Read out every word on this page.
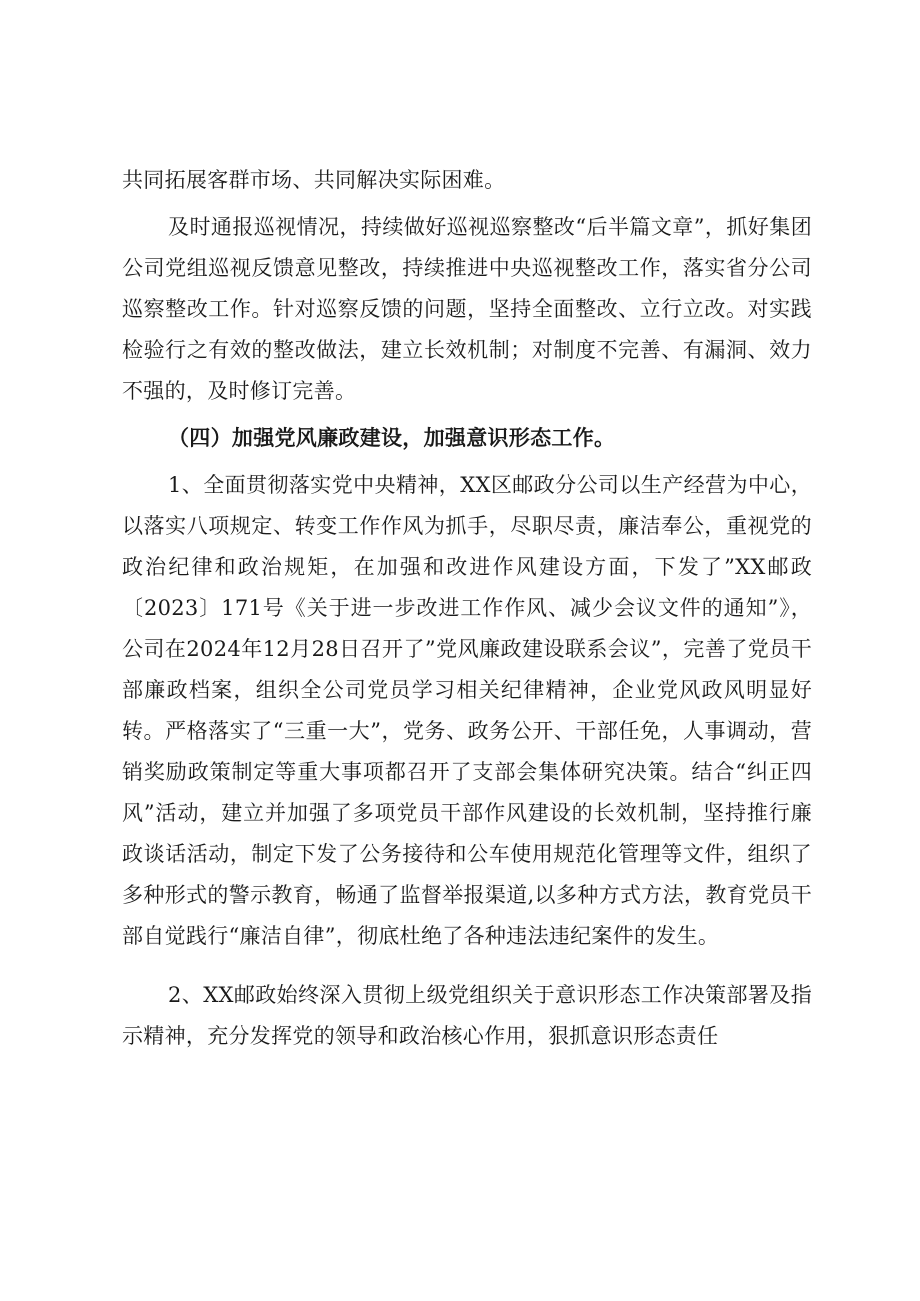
共同拓展客群市场、共同解决实际困难。

及时通报巡视情况，持续做好巡视巡察整改“后半篇文章”，抓好集团公司党组巡视反馈意见整改，持续推进中央巡视整改工作，落实省分公司巡察整改工作。针对巡察反馈的问题，坚持全面整改、立行立改。对实践检验行之有效的整改做法，建立长效机制；对制度不完善、有漏洞、效力不强的，及时修订完善。

（四）加强党风廉政建设，加强意识形态工作。

1、全面贯彻落实党中央精神，XX区邮政分公司以生产经营为中心，以落实八项规定、转变工作作风为抓手，尽职尽责，廉洁奉公，重视党的政治纪律和政治规矩，在加强和改进作风建设方面，下发了”XX邮政〔2023〕171号《关于进一步改进工作作风、减少会议文件的通知”》，公司在2024年12月28日召开了”党风廉政建设联系会议”，完善了党员干部廉政档案，组织全公司党员学习相关纪律精神，企业党风政风明显好转。严格落实了“三重一大”，党务、政务公开、干部任免，人事调动，营销奖励政策制定等重大事项都召开了支部会集体研究决策。结合“纠正四风”活动，建立并加强了多项党员干部作风建设的长效机制，坚持推行廉政谈话活动，制定下发了公务接待和公车使用规范化管理等文件，组织了多种形式的警示教育，畅通了监督举报渠道,以多种方式方法，教育党员干部自觉践行“廉洁自律”，彻底杜绝了各种违法违纪案件的发生。

2、XX邮政始终深入贯彻上级党组织关于意识形态工作决策部署及指示精神，充分发挥党的领导和政治核心作用，狠抓意识形态责任
